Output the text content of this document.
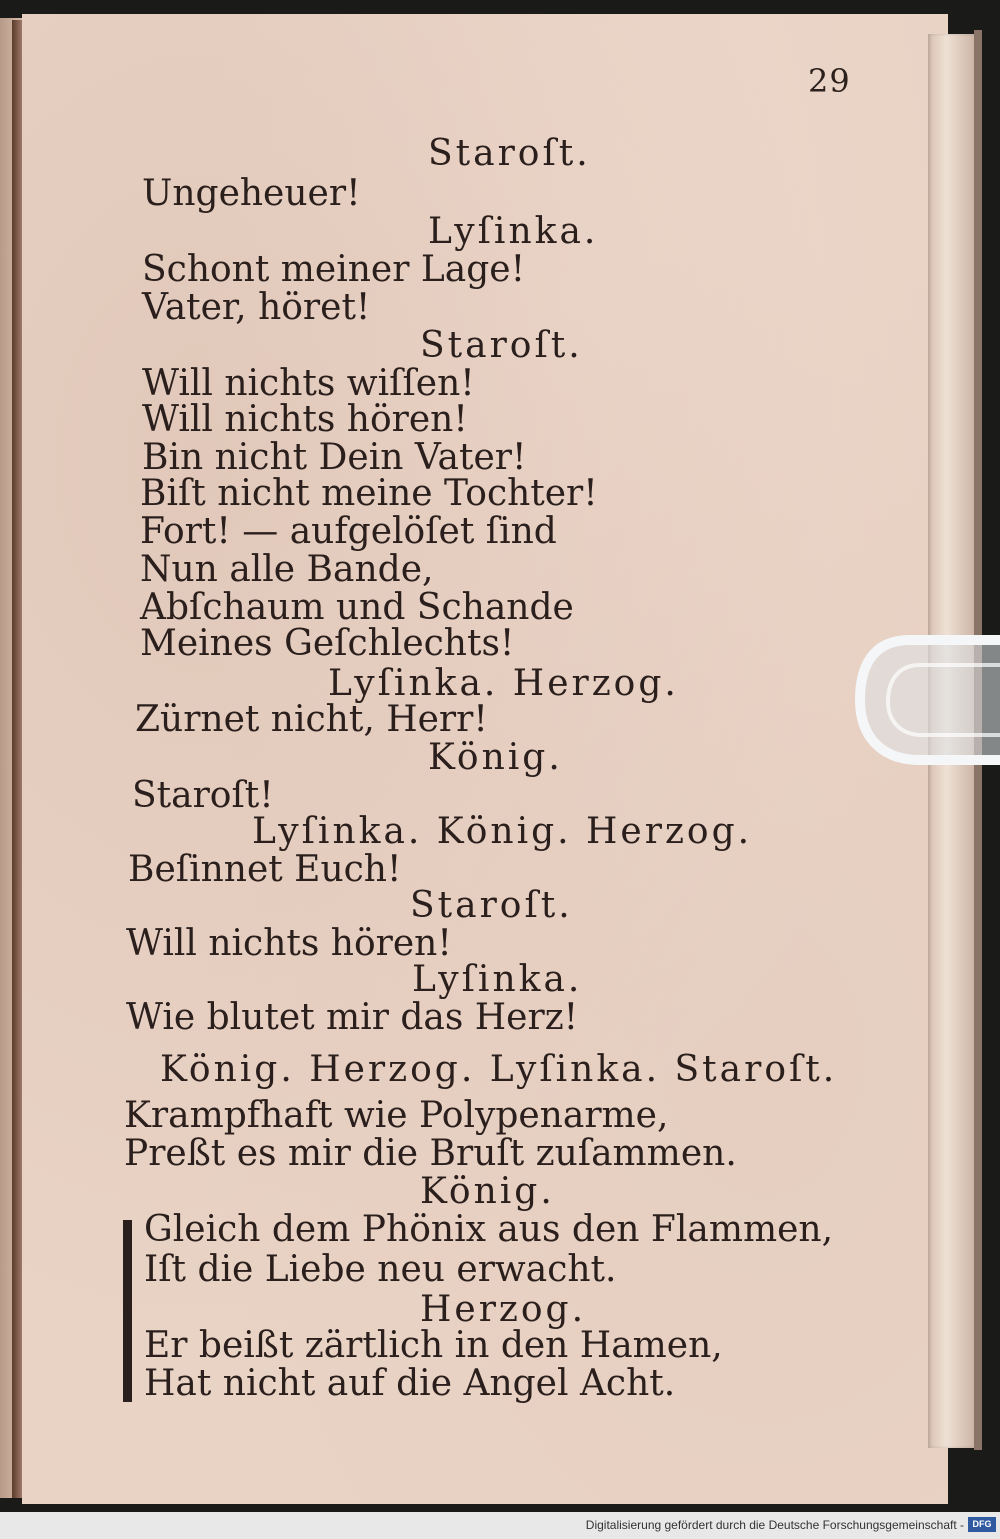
29
Staroſt.
Ungeheuer!
Lyſinka.
Schont meiner Lage!
Vater, höret!
Staroſt.
Will nichts wiſſen!
Will nichts hören!
Bin nicht Dein Vater!
Biſt nicht meine Tochter!
Fort! — aufgelöſet ſind
Nun alle Bande,
Abſchaum und Schande
Meines Geſchlechts!
Lyſinka. Herzog.
Zürnet nicht, Herr!
König.
Staroſt!
Lyſinka. König. Herzog.
Beſinnet Euch!
Staroſt.
Will nichts hören!
Lyſinka.
Wie blutet mir das Herz!
König. Herzog. Lyſinka. Staroſt.
Krampfhaft wie Polypenarme,
Preßt es mir die Bruſt zuſammen.
König.
Gleich dem Phönix aus den Flammen,
Iſt die Liebe neu erwacht.
Herzog.
Er beißt zärtlich in den Hamen,
Hat nicht auf die Angel Acht.
Digitalisierung gefördert durch die Deutsche Forschungsgemeinschaft - DFG
